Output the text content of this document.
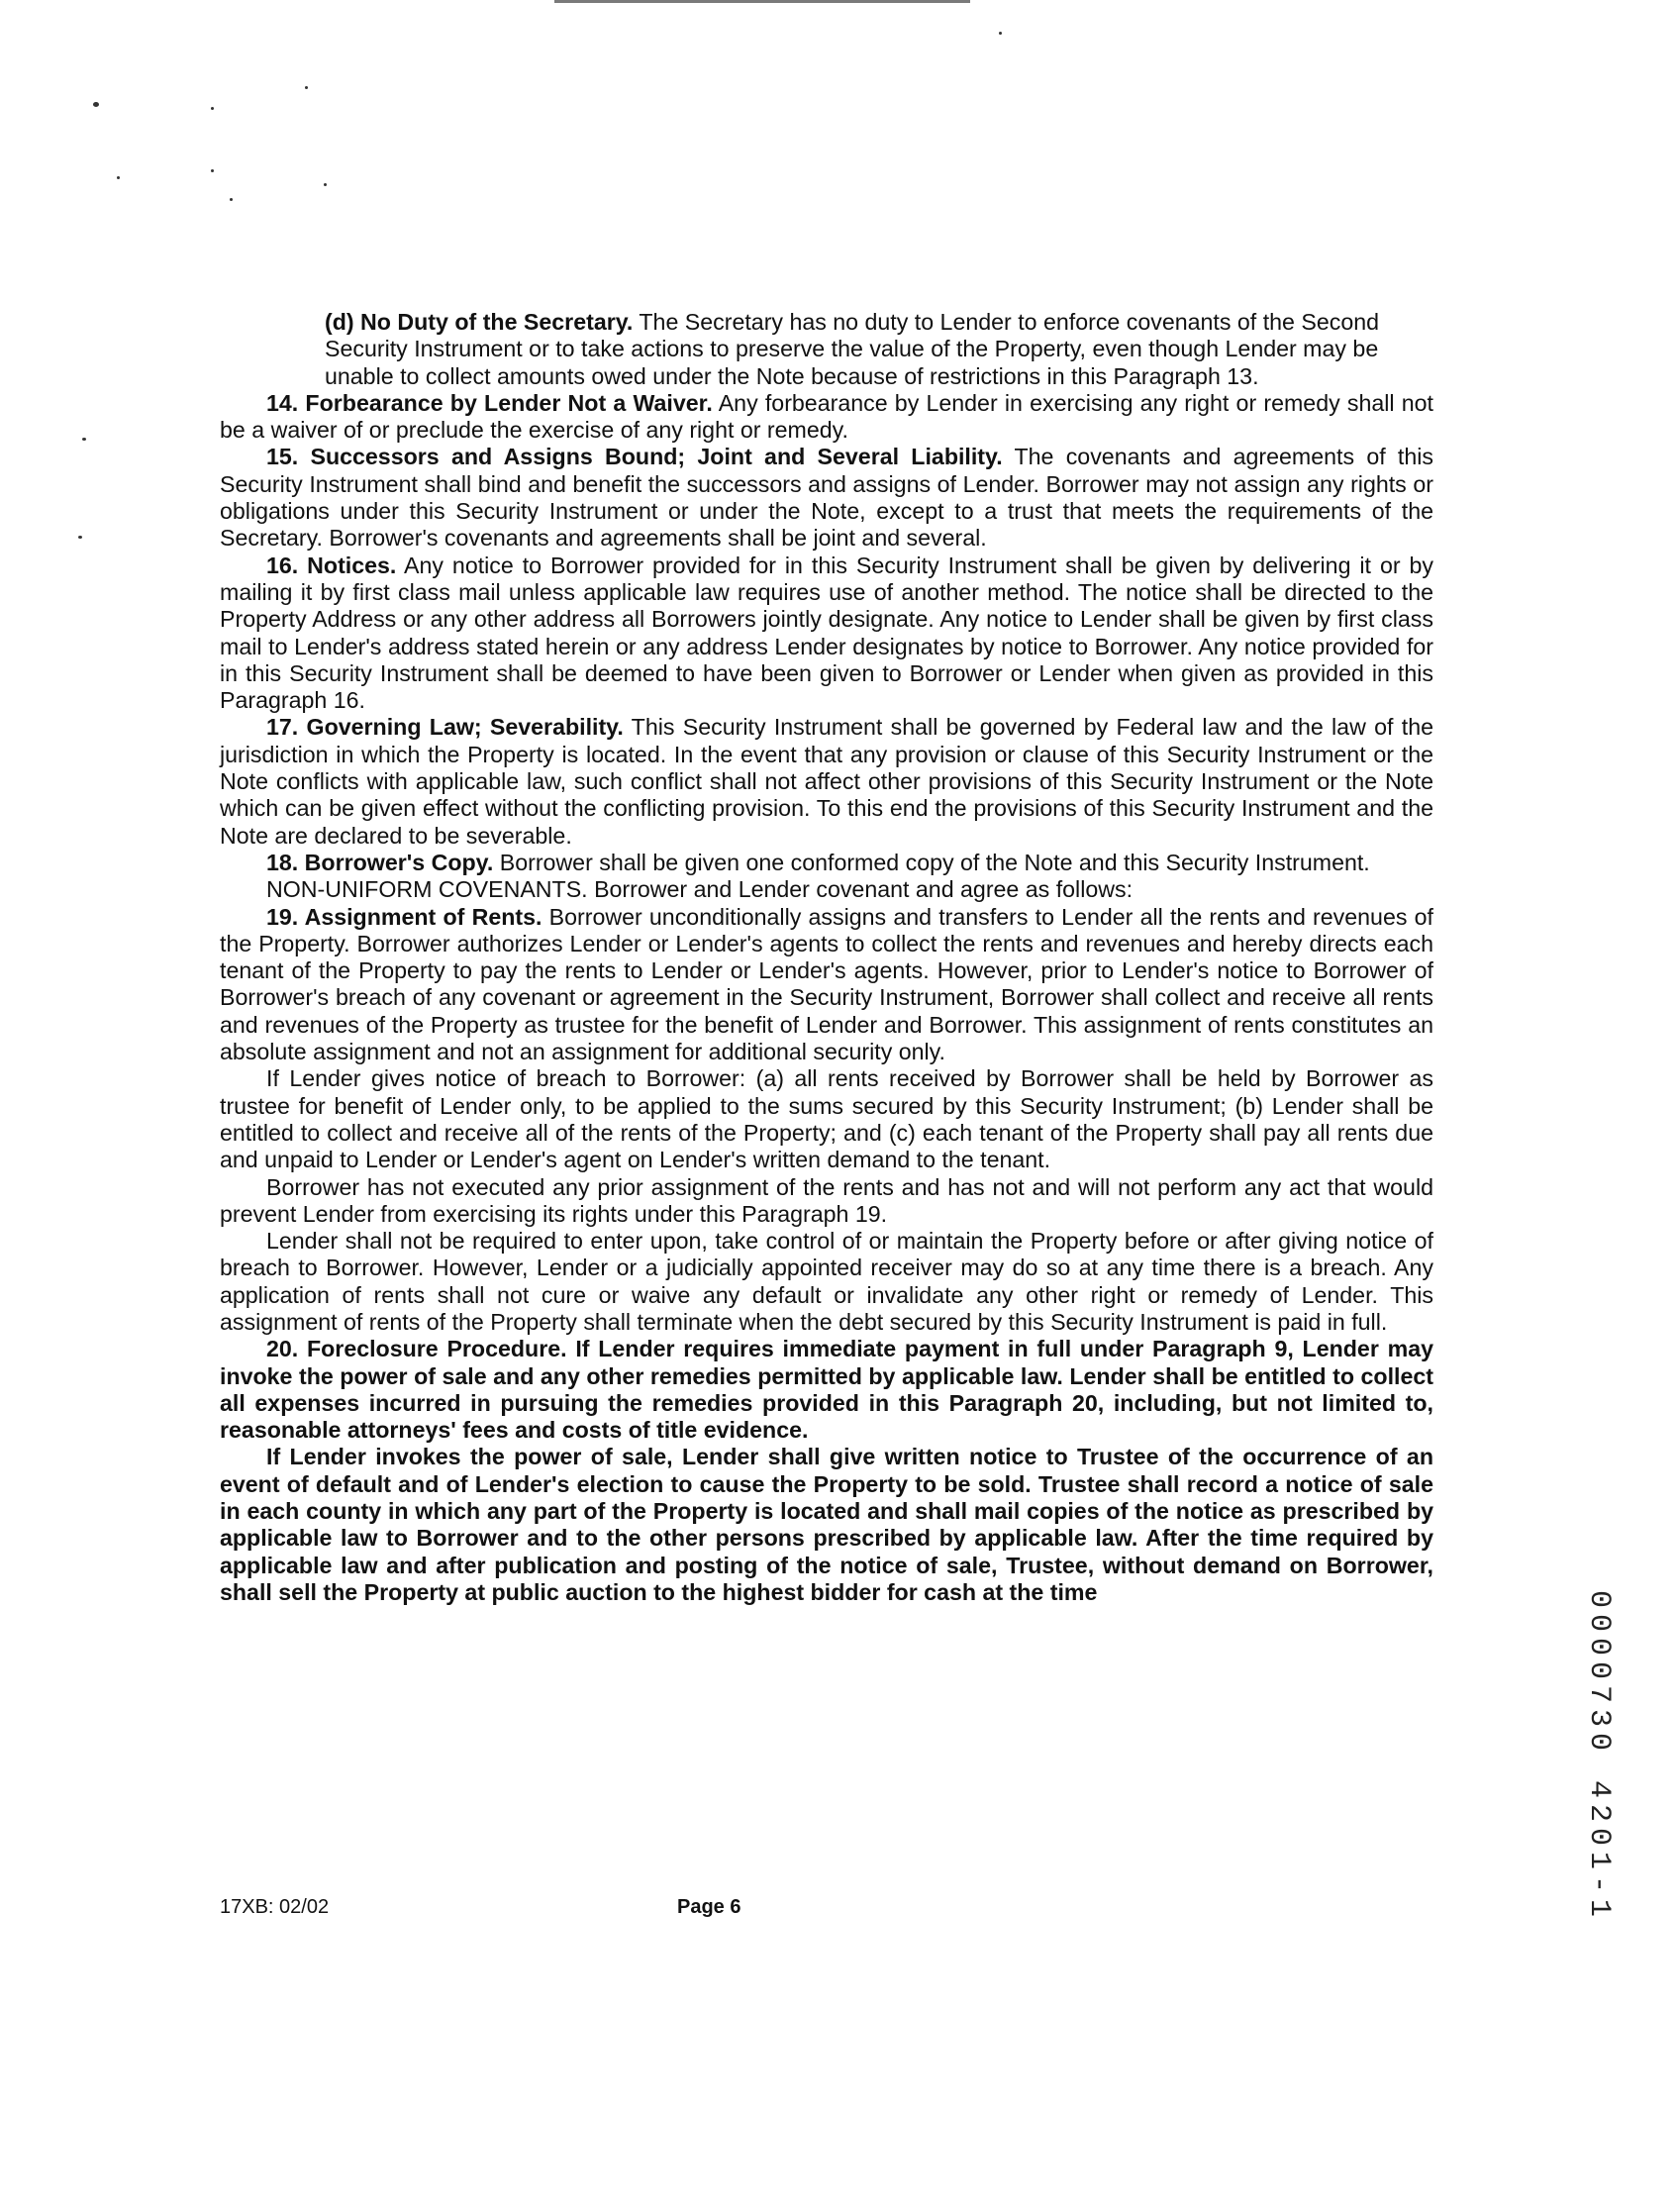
(d) No Duty of the Secretary. The Secretary has no duty to Lender to enforce covenants of the Second Security Instrument or to take actions to preserve the value of the Property, even though Lender may be unable to collect amounts owed under the Note because of restrictions in this Paragraph 13.

14. Forbearance by Lender Not a Waiver. Any forbearance by Lender in exercising any right or remedy shall not be a waiver of or preclude the exercise of any right or remedy.

15. Successors and Assigns Bound; Joint and Several Liability. The covenants and agreements of this Security Instrument shall bind and benefit the successors and assigns of Lender. Borrower may not assign any rights or obligations under this Security Instrument or under the Note, except to a trust that meets the requirements of the Secretary. Borrower's covenants and agreements shall be joint and several.

16. Notices. Any notice to Borrower provided for in this Security Instrument shall be given by delivering it or by mailing it by first class mail unless applicable law requires use of another method. The notice shall be directed to the Property Address or any other address all Borrowers jointly designate. Any notice to Lender shall be given by first class mail to Lender's address stated herein or any address Lender designates by notice to Borrower. Any notice provided for in this Security Instrument shall be deemed to have been given to Borrower or Lender when given as provided in this Paragraph 16.

17. Governing Law; Severability. This Security Instrument shall be governed by Federal law and the law of the jurisdiction in which the Property is located. In the event that any provision or clause of this Security Instrument or the Note conflicts with applicable law, such conflict shall not affect other provisions of this Security Instrument or the Note which can be given effect without the conflicting provision. To this end the provisions of this Security Instrument and the Note are declared to be severable.

18. Borrower's Copy. Borrower shall be given one conformed copy of the Note and this Security Instrument.

NON-UNIFORM COVENANTS. Borrower and Lender covenant and agree as follows:

19. Assignment of Rents. Borrower unconditionally assigns and transfers to Lender all the rents and revenues of the Property. Borrower authorizes Lender or Lender's agents to collect the rents and revenues and hereby directs each tenant of the Property to pay the rents to Lender or Lender's agents. However, prior to Lender's notice to Borrower of Borrower's breach of any covenant or agreement in the Security Instrument, Borrower shall collect and receive all rents and revenues of the Property as trustee for the benefit of Lender and Borrower. This assignment of rents constitutes an absolute assignment and not an assignment for additional security only.

If Lender gives notice of breach to Borrower: (a) all rents received by Borrower shall be held by Borrower as trustee for benefit of Lender only, to be applied to the sums secured by this Security Instrument; (b) Lender shall be entitled to collect and receive all of the rents of the Property; and (c) each tenant of the Property shall pay all rents due and unpaid to Lender or Lender's agent on Lender's written demand to the tenant.

Borrower has not executed any prior assignment of the rents and has not and will not perform any act that would prevent Lender from exercising its rights under this Paragraph 19.

Lender shall not be required to enter upon, take control of or maintain the Property before or after giving notice of breach to Borrower. However, Lender or a judicially appointed receiver may do so at any time there is a breach. Any application of rents shall not cure or waive any default or invalidate any other right or remedy of Lender. This assignment of rents of the Property shall terminate when the debt secured by this Security Instrument is paid in full.

20. Foreclosure Procedure. If Lender requires immediate payment in full under Paragraph 9, Lender may invoke the power of sale and any other remedies permitted by applicable law. Lender shall be entitled to collect all expenses incurred in pursuing the remedies provided in this Paragraph 20, including, but not limited to, reasonable attorneys' fees and costs of title evidence.

If Lender invokes the power of sale, Lender shall give written notice to Trustee of the occurrence of an event of default and of Lender's election to cause the Property to be sold. Trustee shall record a notice of sale in each county in which any part of the Property is located and shall mail copies of the notice as prescribed by applicable law to Borrower and to the other persons prescribed by applicable law. After the time required by applicable law and after publication and posting of the notice of sale, Trustee, without demand on Borrower, shall sell the Property at public auction to the highest bidder for cash at the time

17XB: 02/02	Page 6	0000730 4201-1
